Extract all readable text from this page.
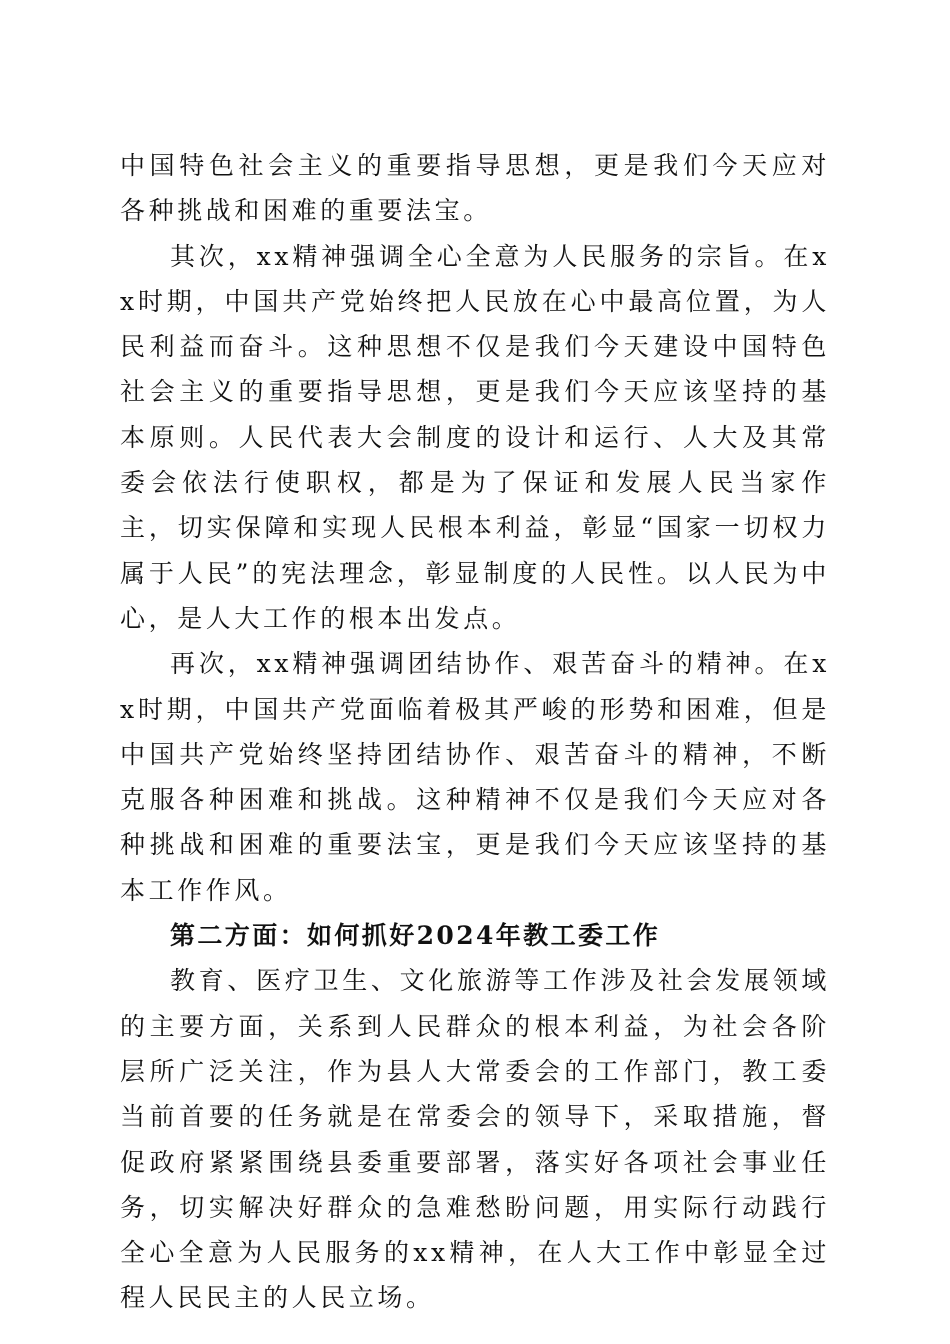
中国特色社会主义的重要指导思想，更是我们今天应对各种挑战和困难的重要法宝。

其次，xx精神强调全心全意为人民服务的宗旨。在xx时期，中国共产党始终把人民放在心中最高位置，为人民利益而奋斗。这种思想不仅是我们今天建设中国特色社会主义的重要指导思想，更是我们今天应该坚持的基本原则。人民代表大会制度的设计和运行、人大及其常委会依法行使职权，都是为了保证和发展人民当家作主，切实保障和实现人民根本利益，彰显“国家一切权力属于人民”的宪法理念，彰显制度的人民性。以人民为中心，是人大工作的根本出发点。

再次，xx精神强调团结协作、艰苦奋斗的精神。在xx时期，中国共产党面临着极其严峻的形势和困难，但是中国共产党始终坚持团结协作、艰苦奋斗的精神，不断克服各种困难和挑战。这种精神不仅是我们今天应对各种挑战和困难的重要法宝，更是我们今天应该坚持的基本工作作风。

第二方面：如何抓好2024年教工委工作

教育、医疗卫生、文化旅游等工作涉及社会发展领域的主要方面，关系到人民群众的根本利益，为社会各阶层所广泛关注，作为县人大常委会的工作部门，教工委当前首要的任务就是在常委会的领导下，采取措施，督促政府紧紧围绕县委重要部署，落实好各项社会事业任务，切实解决好群众的急难愁盼问题，用实际行动践行全心全意为人民服务的xx精神，在人大工作中彰显全过程人民民主的人民立场。
